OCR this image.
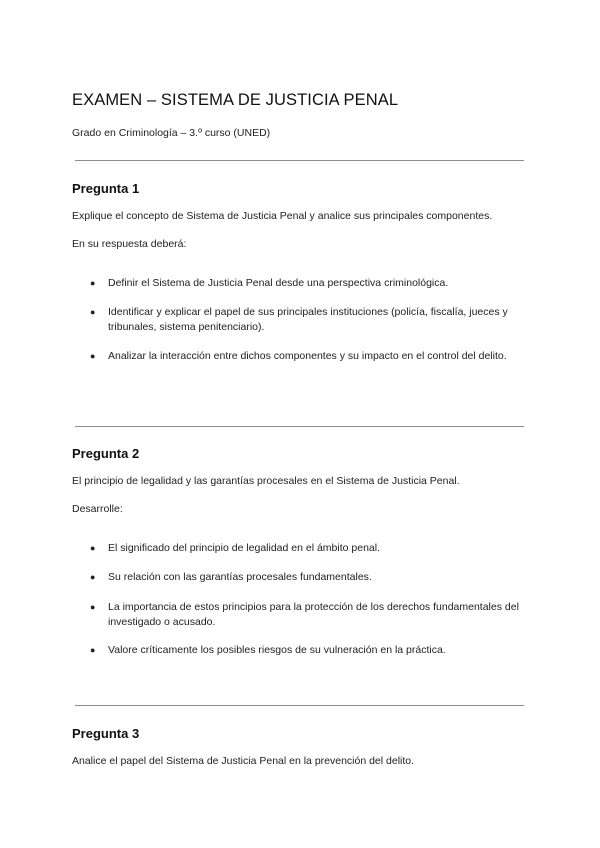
EXAMEN – SISTEMA DE JUSTICIA PENAL
Grado en Criminología – 3.º curso (UNED)
Pregunta 1
Explique el concepto de Sistema de Justicia Penal y analice sus principales componentes.
En su respuesta deberá:
● Definir el Sistema de Justicia Penal desde una perspectiva criminológica.
● Identificar y explicar el papel de sus principales instituciones (policía, fiscalía, jueces y tribunales, sistema penitenciario).
● Analizar la interacción entre dichos componentes y su impacto en el control del delito.
Pregunta 2
El principio de legalidad y las garantías procesales en el Sistema de Justicia Penal.
Desarrolle:
● El significado del principio de legalidad en el ámbito penal.
● Su relación con las garantías procesales fundamentales.
● La importancia de estos principios para la protección de los derechos fundamentales del investigado o acusado.
● Valore críticamente los posibles riesgos de su vulneración en la práctica.
Pregunta 3
Analice el papel del Sistema de Justicia Penal en la prevención del delito.
